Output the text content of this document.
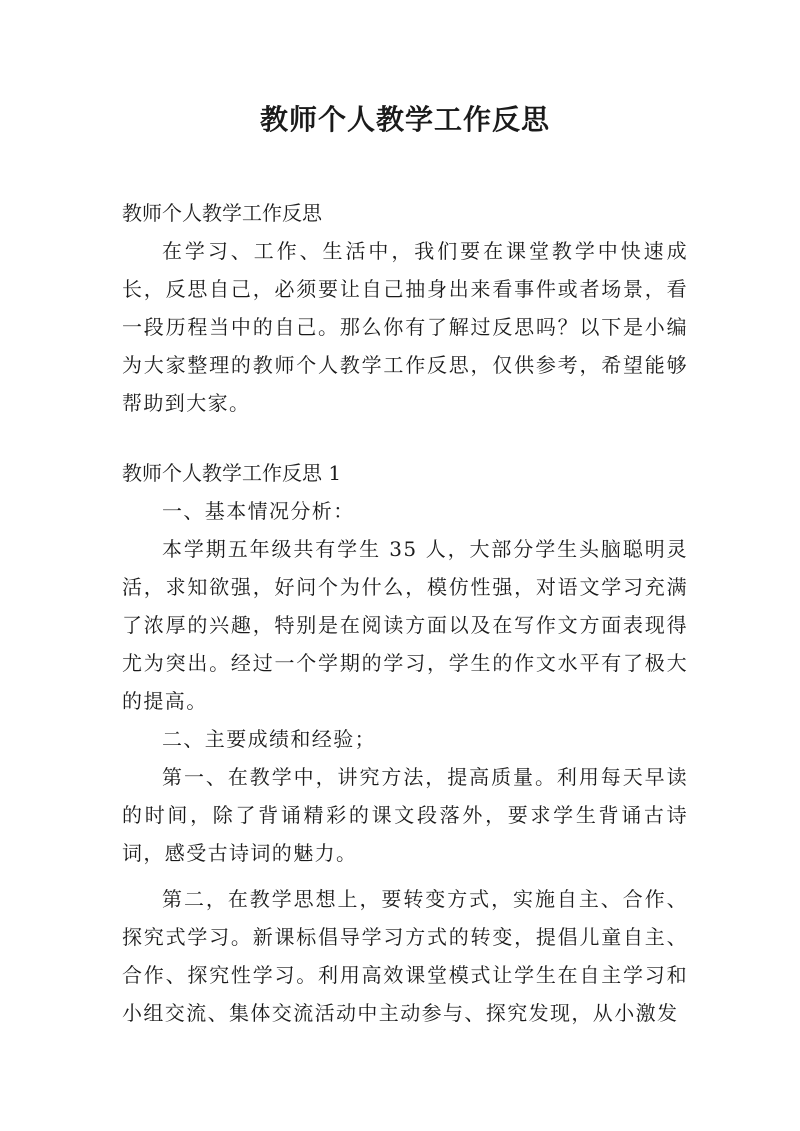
教师个人教学工作反思

教师个人教学工作反思

在学习、工作、生活中，我们要在课堂教学中快速成长，反思自己，必须要让自己抽身出来看事件或者场景，看一段历程当中的自己。那么你有了解过反思吗？以下是小编为大家整理的教师个人教学工作反思，仅供参考，希望能够帮助到大家。

教师个人教学工作反思 1

一、基本情况分析：

本学期五年级共有学生 35 人，大部分学生头脑聪明灵活，求知欲强，好问个为什么，模仿性强，对语文学习充满了浓厚的兴趣，特别是在阅读方面以及在写作文方面表现得尤为突出。经过一个学期的学习，学生的作文水平有了极大的提高。

二、主要成绩和经验；

第一、在教学中，讲究方法，提高质量。利用每天早读的时间，除了背诵精彩的课文段落外，要求学生背诵古诗词，感受古诗词的魅力。

第二，在教学思想上，要转变方式，实施自主、合作、探究式学习。新课标倡导学习方式的转变，提倡儿童自主、合作、探究性学习。利用高效课堂模式让学生在自主学习和小组交流、集体交流活动中主动参与、探究发现，从小激发
